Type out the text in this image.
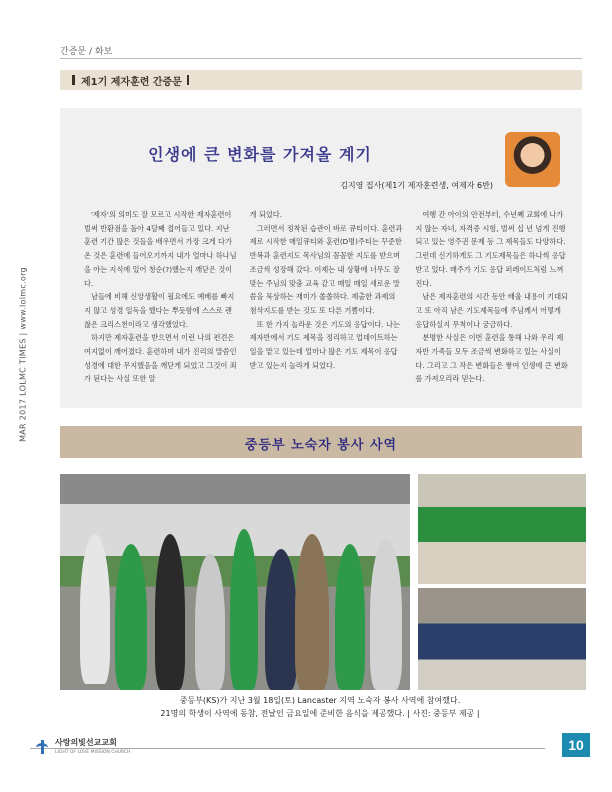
간증문 / 화보
제1기 제자훈련 간증문
MAR 2017 LOLMC TIMES | www.lolmc.org
인생에 큰 변화를 가져올 계기
김지영 집사(제1기 제자훈련생, 여제자 6반)

'제자'의 의미도 잘 모르고 시작한 제자훈련이 벌써 반환점을 돌아 4달째 접어들고 있다. 지난 훈련 기간 많은 것들을 배우면서 가장 크게 다가온 것은 훈련에 들어오기까지 내가 얼마나 하나님을 아는 지식에 있어 청순(?)했는지 깨닫은 것이다.

남들에 비해 신앙생활이 필요에도 예배를 빠지지 않고 성경 일독을 했다는 뿌듯함에 스스로 괜찮은 크리스천이라고 생각했었다.

하지만 제자훈련을 받으면서 이런 나의 편견은 여지없이 깨어졌다. 훈련하며 내가 진리의 말씀인 성경에 대한 무지했음을 깨닫게 되었고 그것이 죄가 된다는 사실 또한 알

게 되었다.

그러면서 정착된 습관이 바로 큐티이다. 훈련과제로 시작한 매일큐티와 훈련(D명)주티는 꾸준한 반복과 훈련지도 목사님의 꼼꼼한 지도를 받으며 조금씩 성장해 갔다. 이제는 내 상황에 너무도 잘 맞는 주님의 맞춤 교육 같고 매일 매일 새로운 말씀을 묵상하는 재미가 쏠쏠하다. 제출한 과제의 첨삭지도를 받는 것도 또 다른 기쁨이다.

또 한 가지 놀라운 것은 기도의 응답이다. 나는 제자반에서 기도 제목을 정리하고 업데이트하는 일을 맡고 있는데 얼마나 많은 기도 제목이 응답받고 있는지 놀라게 되었다.

여행 간 아이의 안전부터, 수년째 교회에 나가지 않는 자녀, 자격증 시험, 벌써 십 년 넘게 진행되고 있는 영주권 문제 등 그 제목들도 다양하다. 그런데 신기하게도 그 기도제목들은 하나씩 응답받고 있다. 매주가 기도 응답 퍼레이드처럼 느껴진다.

남은 제자훈련의 시간 동안 배울 내용이 기대되고 또 아직 남은 기도제목들에 주님께서 어떻게 응답하실지 무척이나 궁금하다.

분명한 사실은 이번 훈련을 통해 나와 우리 제자반 가족들 모두 조금씩 변화하고 있는 사실이다. 그리고 그 작은 변화들은 쌓여 인생에 큰 변화를 가져오리라 믿는다.

중등부 노숙자 봉사 사역
중등부(KS)가 지난 3월 18일(토) Lancaster 지역 노숙자 봉사 사역에 참여했다.
21명의 학생이 사역에 동참, 전날인 금요일에 준비한 음식을 제공했다. | 사진: 중등부 제공 |
사랑의빛선교교회
LIGHT OF LOVE MISSION CHURCH	10
